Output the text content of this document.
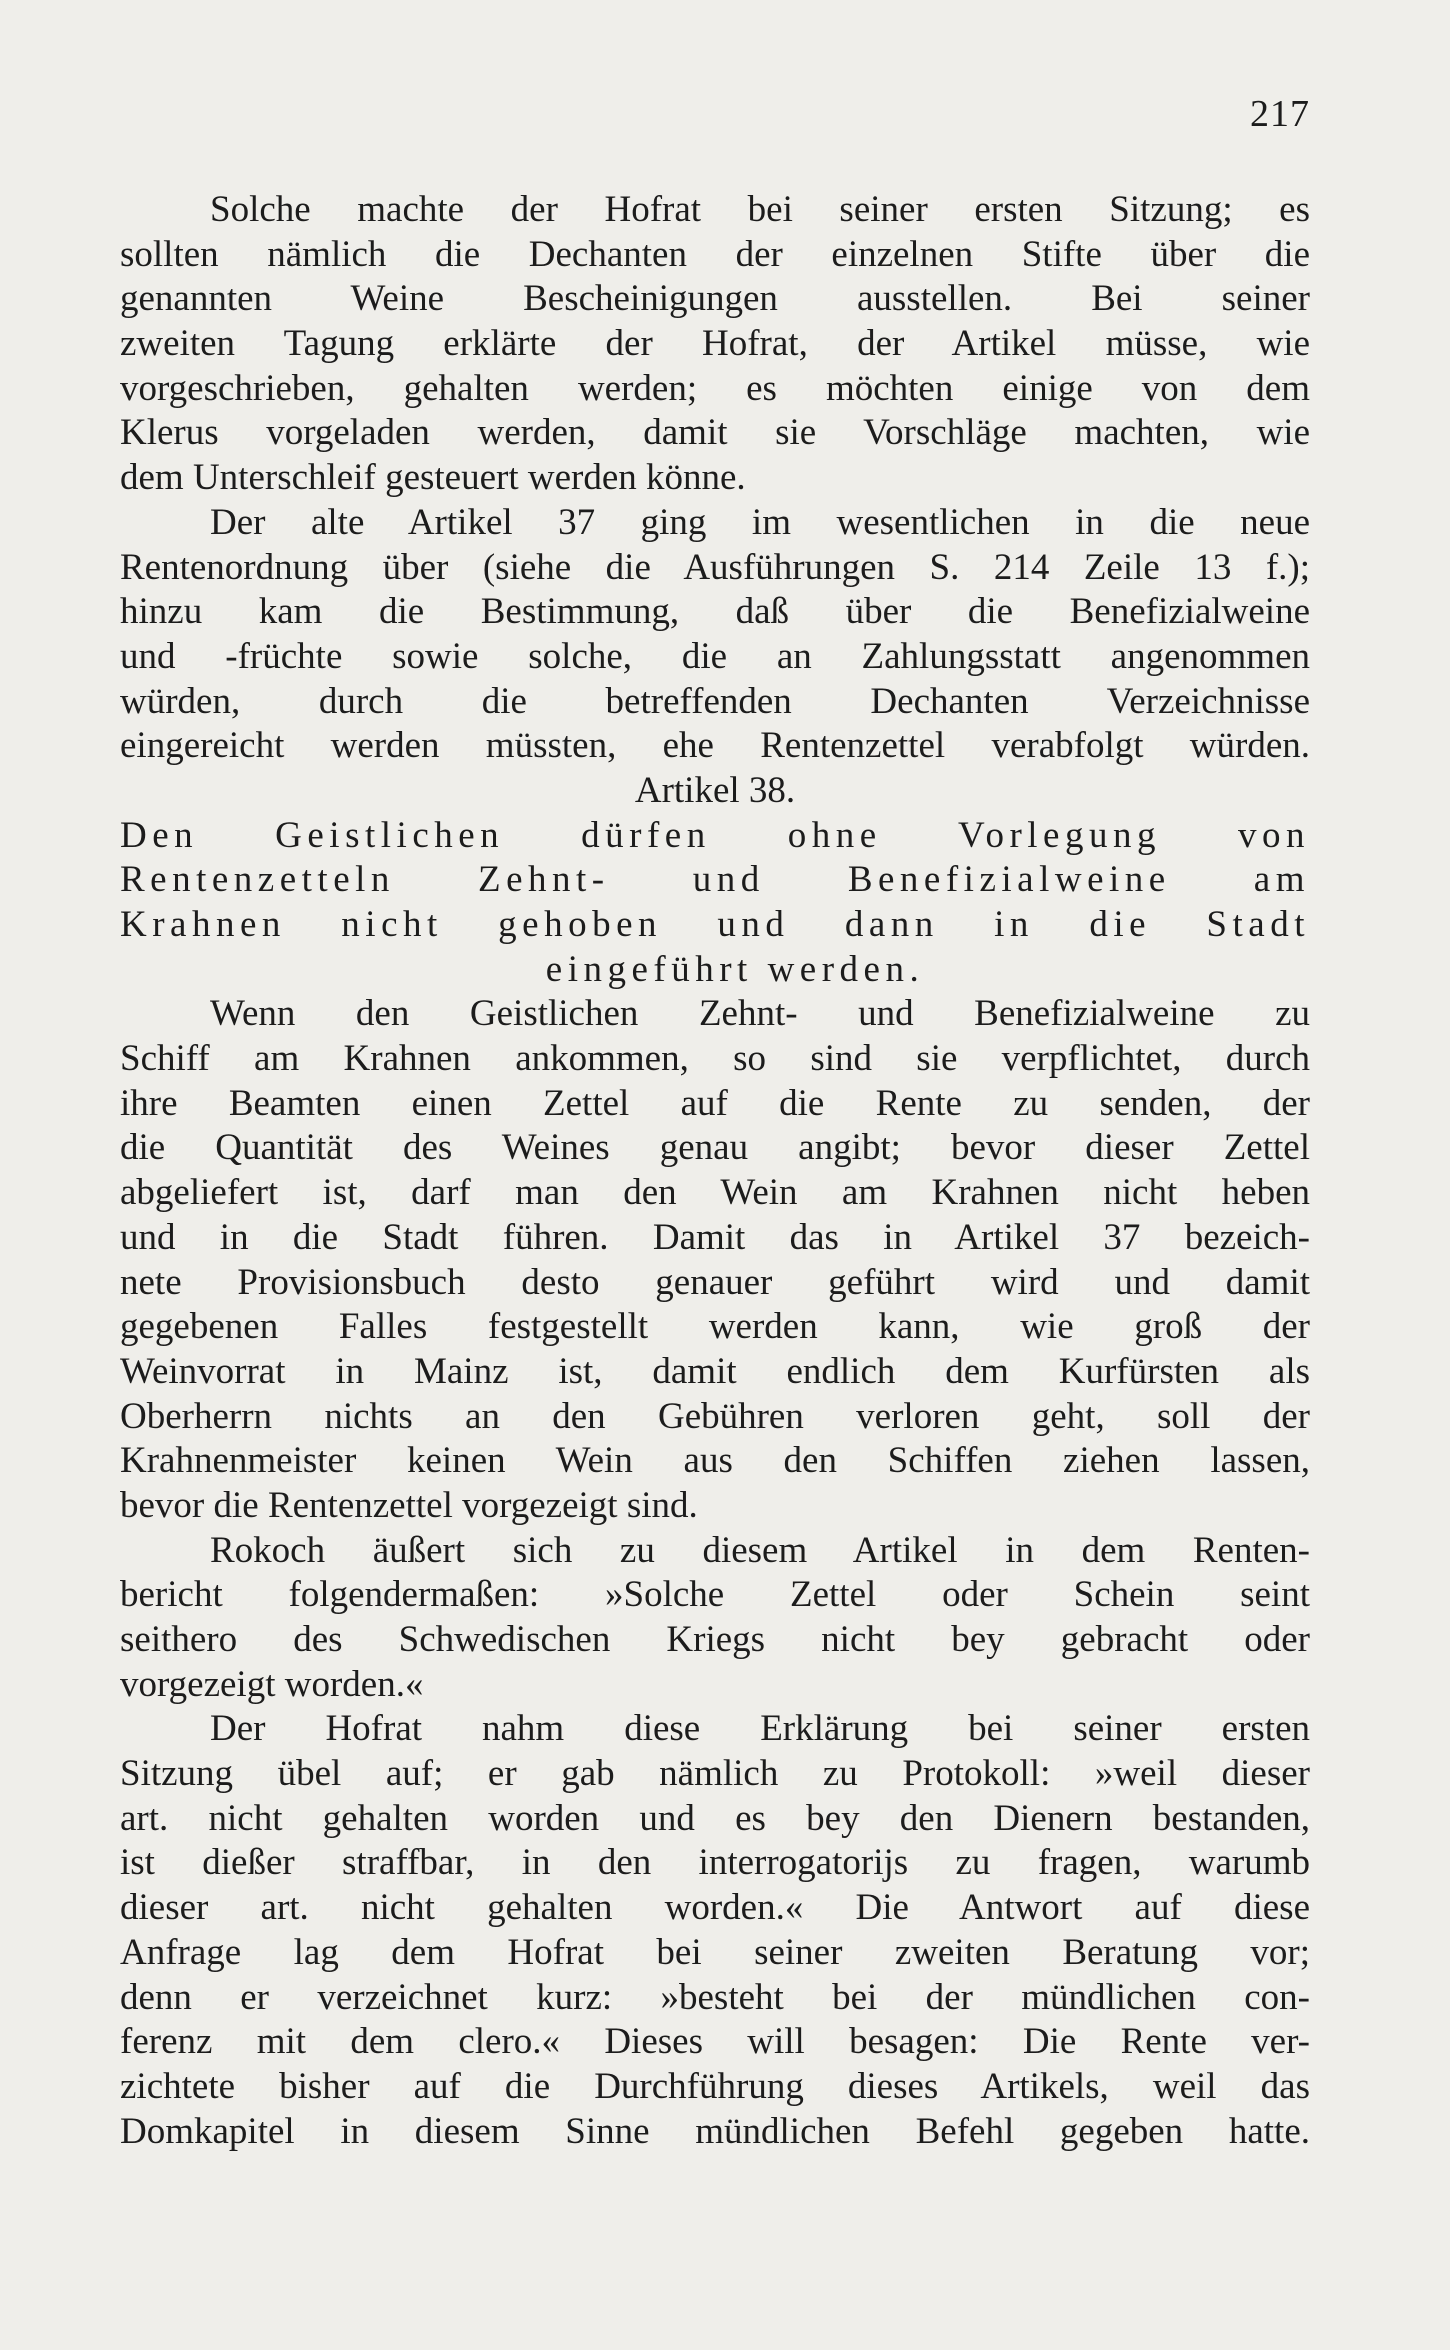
217
Solche machte der Hofrat bei seiner ersten Sitzung; es
sollten nämlich die Dechanten der einzelnen Stifte über die
genannten Weine Bescheinigungen ausstellen. Bei seiner
zweiten Tagung erklärte der Hofrat, der Artikel müsse, wie
vorgeschrieben, gehalten werden; es möchten einige von dem
Klerus vorgeladen werden, damit sie Vorschläge machten, wie
dem Unterschleif gesteuert werden könne.
Der alte Artikel 37 ging im wesentlichen in die neue
Rentenordnung über (siehe die Ausführungen S. 214 Zeile 13 f.);
hinzu kam die Bestimmung, daß über die Benefizialweine
und -früchte sowie solche, die an Zahlungsstatt angenommen
würden, durch die betreffenden Dechanten Verzeichnisse
eingereicht werden müssten, ehe Rentenzettel verabfolgt würden.
Artikel 38.
Den Geistlichen dürfen ohne Vorlegung von
Rentenzetteln Zehnt- und Benefizialweine am
Krahnen nicht gehoben und dann in die Stadt
eingeführt werden.
Wenn den Geistlichen Zehnt- und Benefizialweine zu
Schiff am Krahnen ankommen, so sind sie verpflichtet, durch
ihre Beamten einen Zettel auf die Rente zu senden, der
die Quantität des Weines genau angibt; bevor dieser Zettel
abgeliefert ist, darf man den Wein am Krahnen nicht heben
und in die Stadt führen. Damit das in Artikel 37 bezeich-
nete Provisionsbuch desto genauer geführt wird und damit
gegebenen Falles festgestellt werden kann, wie groß der
Weinvorrat in Mainz ist, damit endlich dem Kurfürsten als
Oberherrn nichts an den Gebühren verloren geht, soll der
Krahnenmeister keinen Wein aus den Schiffen ziehen lassen,
bevor die Rentenzettel vorgezeigt sind.
Rokoch äußert sich zu diesem Artikel in dem Renten-
bericht folgendermaßen: »Solche Zettel oder Schein seint
seithero des Schwedischen Kriegs nicht bey gebracht oder
vorgezeigt worden.«
Der Hofrat nahm diese Erklärung bei seiner ersten
Sitzung übel auf; er gab nämlich zu Protokoll: »weil dieser
art. nicht gehalten worden und es bey den Dienern bestanden,
ist dießer straffbar, in den interrogatorijs zu fragen, warumb
dieser art. nicht gehalten worden.« Die Antwort auf diese
Anfrage lag dem Hofrat bei seiner zweiten Beratung vor;
denn er verzeichnet kurz: »besteht bei der mündlichen con-
ferenz mit dem clero.« Dieses will besagen: Die Rente ver-
zichtete bisher auf die Durchführung dieses Artikels, weil das
Domkapitel in diesem Sinne mündlichen Befehl gegeben hatte.
